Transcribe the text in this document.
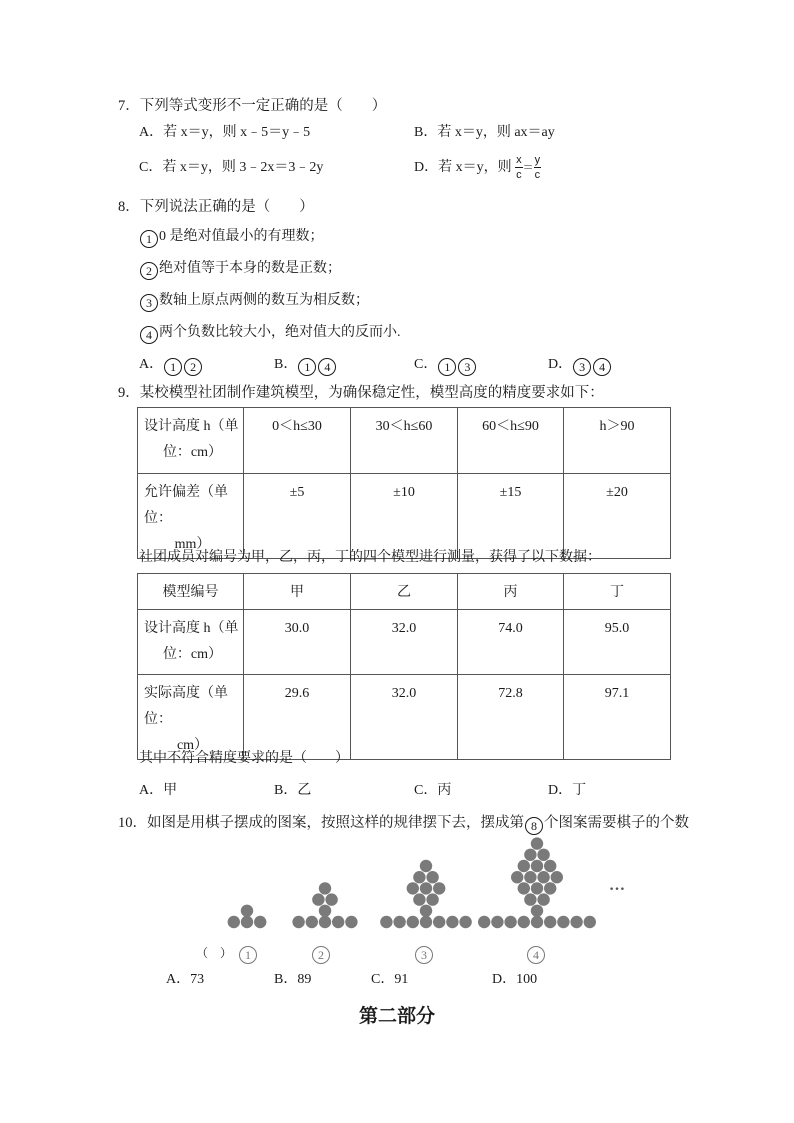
7．下列等式变形不一定正确的是（　　）
A．若 x＝y，则 x﹣5＝y﹣5	B．若 x＝y，则 ax＝ay
C．若 x＝y，则 3﹣2x＝3﹣2y	D．若 x＝y，则 $\frac{x}{c} = \frac{y}{c}$
8．下列说法正确的是（　　）
1 0 是绝对值最小的有理数；
2 绝对值等于本身的数是正数；
3 数轴上原点两侧的数互为相反数；
4 两个负数比较大小，绝对值大的反而小.
A． 1 2	B． 1 4	C． 1 3	D． 3 4
9．某校模型社团制作建筑模型，为确保稳定性，模型高度的精度要求如下：
设计高度 h（单
位：cm）	0＜h≤30	30＜h≤60	60＜h≤90	h＞90

允许偏差（单位：
mm）	±5	±10	±15	±20
社团成员对编号为甲，乙，丙，丁的四个模型进行测量，获得了以下数据：
模型编号	甲	乙	丙	丁

设计高度 h（单
位：cm）	30.0	32.0	74.0	95.0

实际高度（单位：
cm）	29.6	32.0	72.8	97.1
其中不符合精度要求的是（　　）
A．甲	B．乙	C．丙	D．丁
10．如图是用棋子摆成的图案，按照这样的规律摆下去，摆成第 8 个图案需要棋子的个数
（　）	1	2	3	4
…
A．73	B．89	C．91	D．100
第二部分
